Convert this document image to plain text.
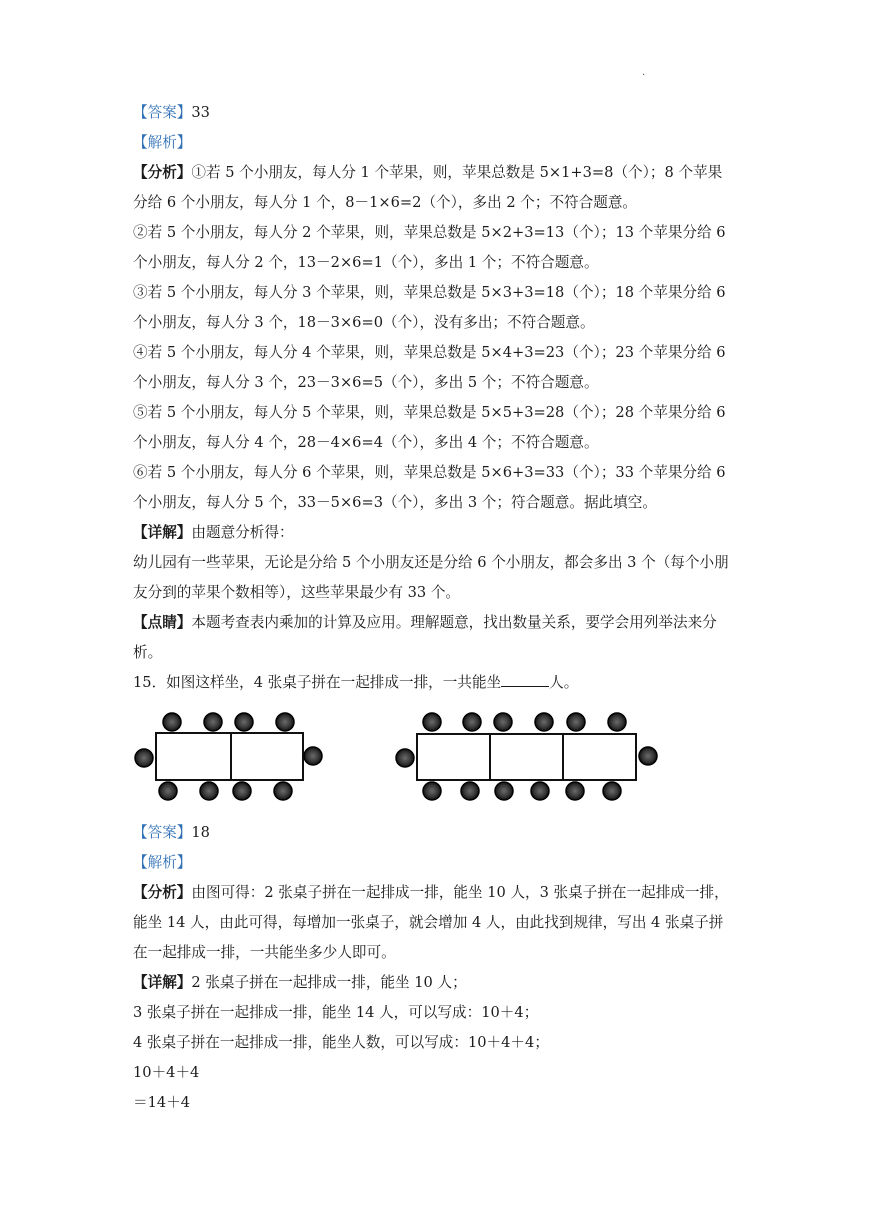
·
【答案】33
【解析】
【分析】①若 5 个小朋友，每人分 1 个苹果，则，苹果总数是 5×1+3=8（个）；8 个苹果
分给 6 个小朋友，每人分 1 个，8－1×6=2（个），多出 2 个；不符合题意。
②若 5 个小朋友，每人分 2 个苹果，则，苹果总数是 5×2+3=13（个）；13 个苹果分给 6
个小朋友，每人分 2 个，13－2×6=1（个），多出 1 个；不符合题意。
③若 5 个小朋友，每人分 3 个苹果，则，苹果总数是 5×3+3=18（个）；18 个苹果分给 6
个小朋友，每人分 3 个，18－3×6=0（个），没有多出；不符合题意。
④若 5 个小朋友，每人分 4 个苹果，则，苹果总数是 5×4+3=23（个）；23 个苹果分给 6
个小朋友，每人分 3 个，23－3×6=5（个），多出 5 个；不符合题意。
⑤若 5 个小朋友，每人分 5 个苹果，则，苹果总数是 5×5+3=28（个）；28 个苹果分给 6
个小朋友，每人分 4 个，28－4×6=4（个），多出 4 个；不符合题意。
⑥若 5 个小朋友，每人分 6 个苹果，则，苹果总数是 5×6+3=33（个）；33 个苹果分给 6
个小朋友，每人分 5 个，33－5×6=3（个），多出 3 个；符合题意。据此填空。
【详解】由题意分析得：
幼儿园有一些苹果，无论是分给 5 个小朋友还是分给 6 个小朋友，都会多出 3 个（每个小朋
友分到的苹果个数相等），这些苹果最少有 33 个。
【点睛】本题考查表内乘加的计算及应用。理解题意，找出数量关系，要学会用列举法来分
析。
15．如图这样坐，4 张桌子拼在一起排成一排，一共能坐	人。
【答案】18
【解析】
【分析】由图可得：2 张桌子拼在一起排成一排，能坐 10 人，3 张桌子拼在一起排成一排，
能坐 14 人，由此可得，每增加一张桌子，就会增加 4 人，由此找到规律，写出 4 张桌子拼
在一起排成一排，一共能坐多少人即可。
【详解】2 张桌子拼在一起排成一排，能坐 10 人；
3 张桌子拼在一起排成一排，能坐 14 人，可以写成：10＋4；
4 张桌子拼在一起排成一排，能坐人数，可以写成：10＋4＋4；
10＋4＋4
＝14＋4
